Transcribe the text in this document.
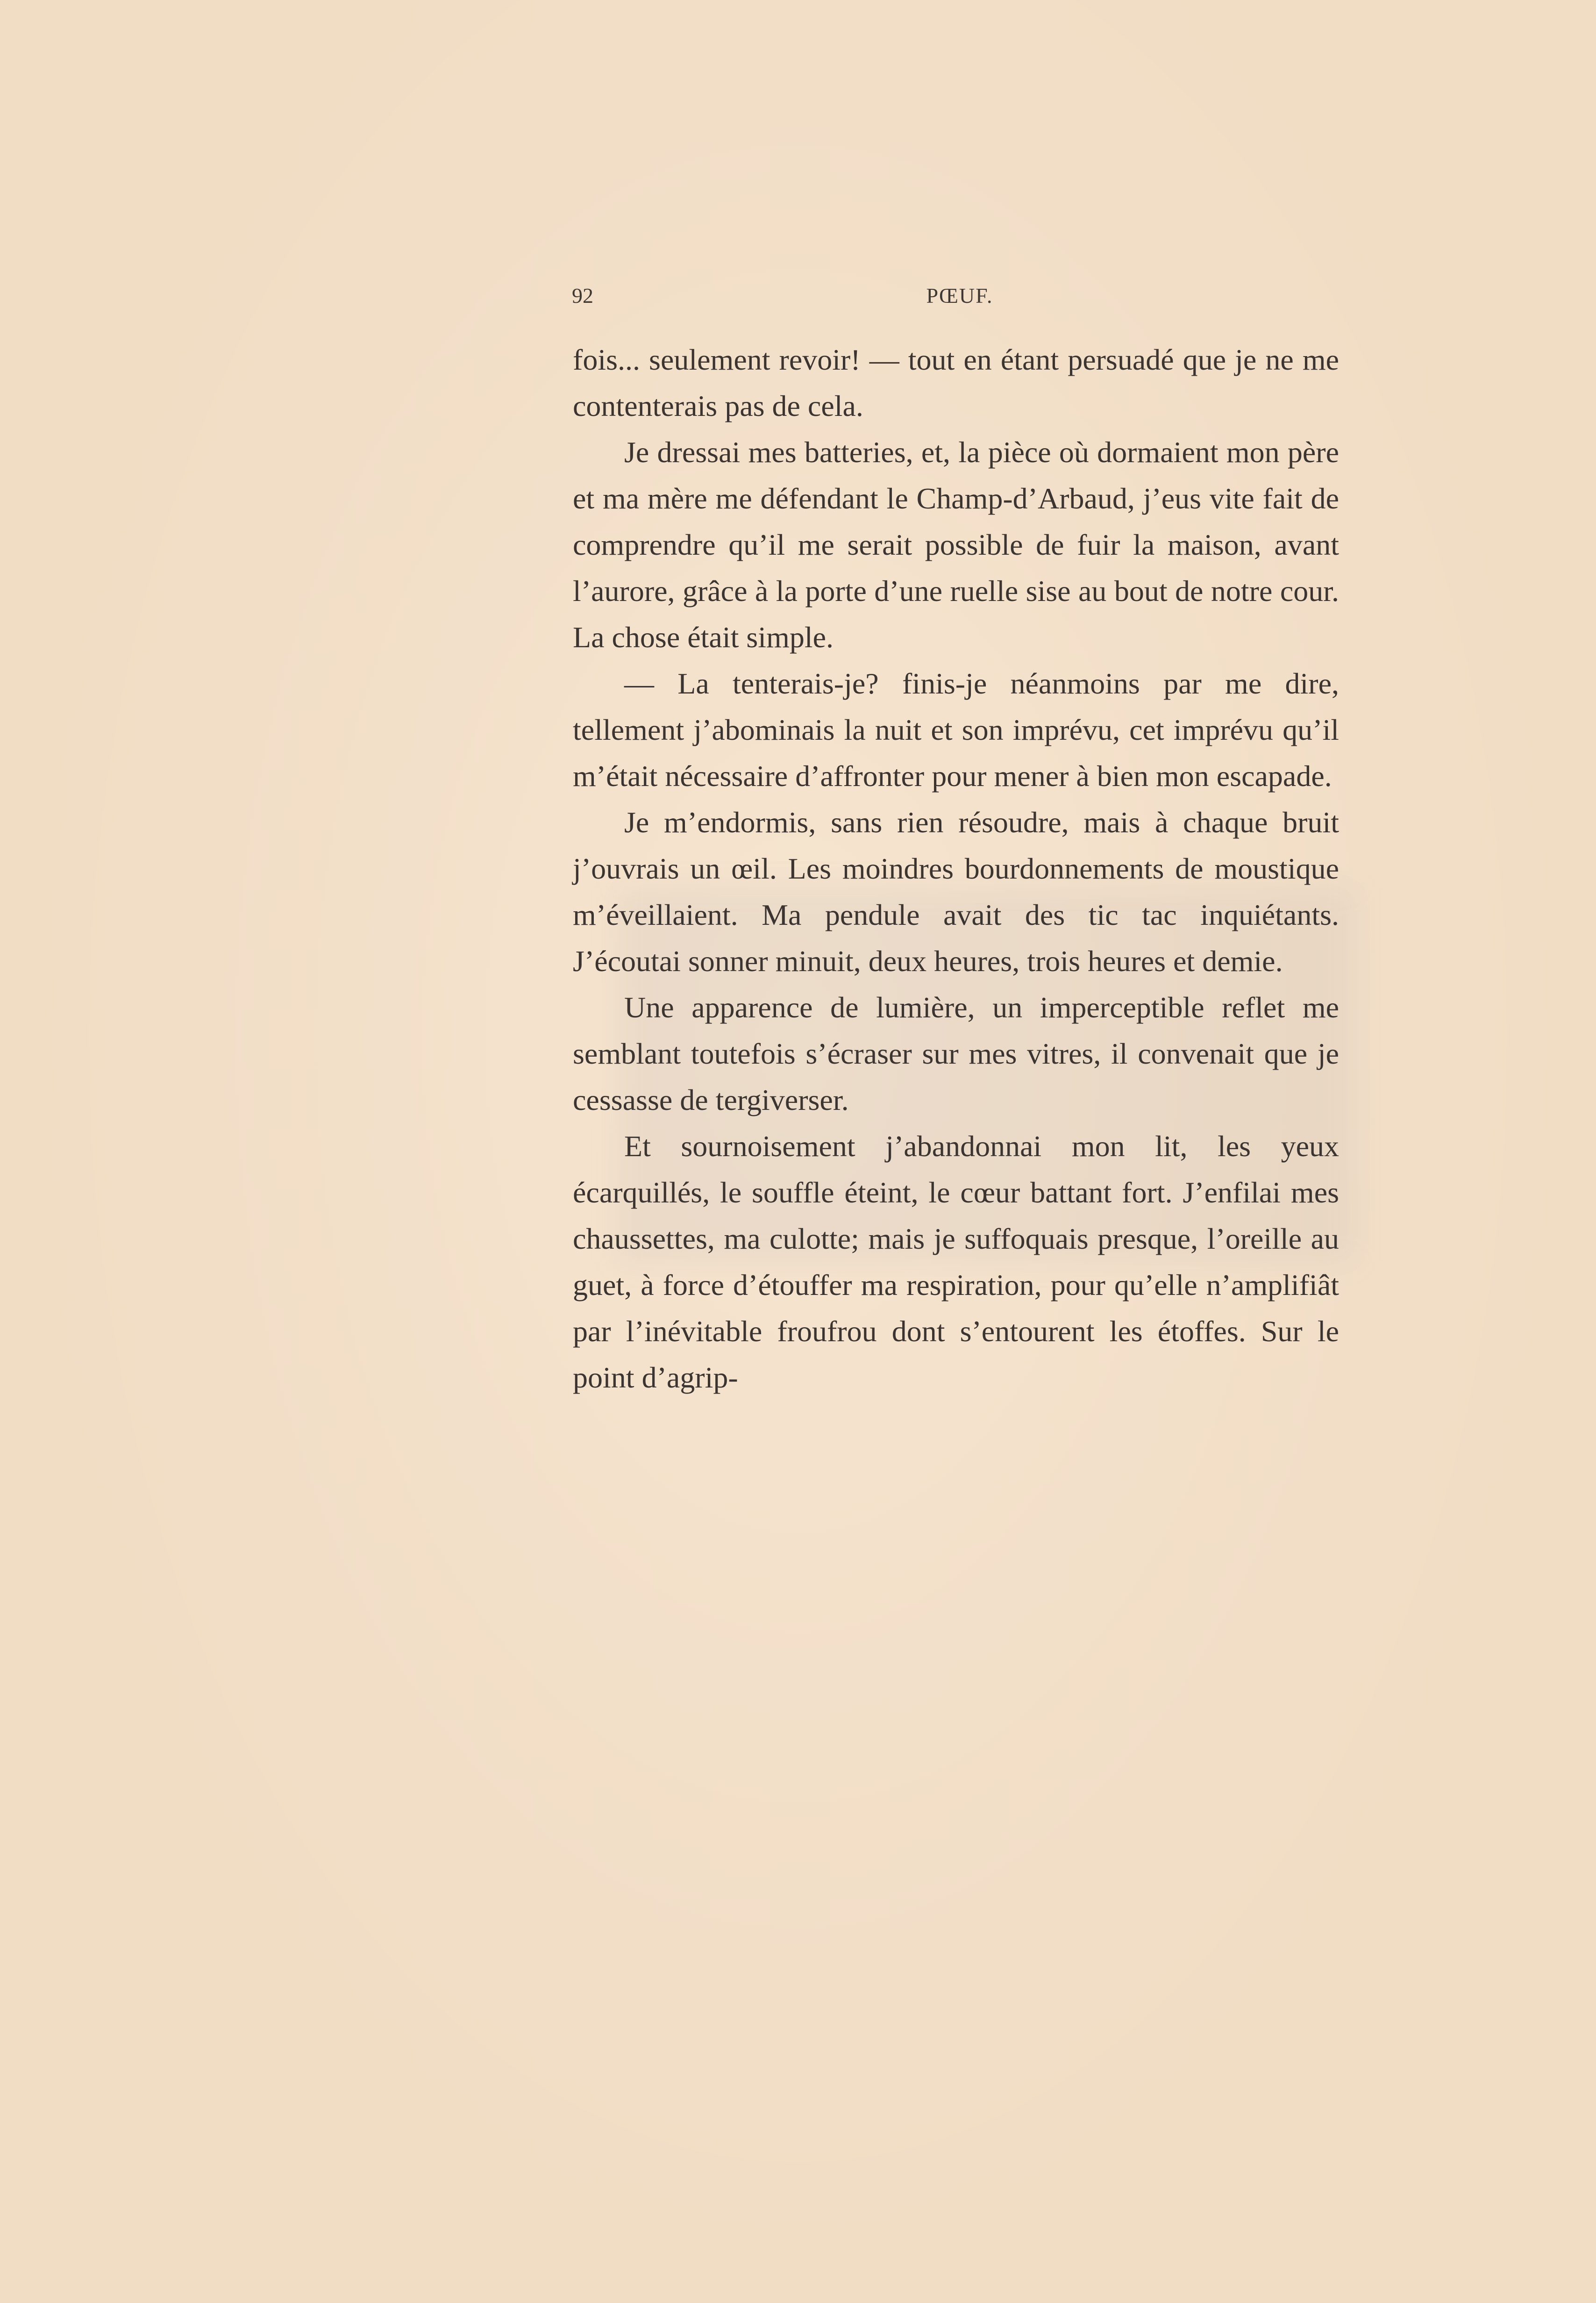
92	PŒUF.

fois... seulement revoir! — tout en étant persuadé que je ne me contenterais pas de cela.

Je dressai mes batteries, et, la pièce où dormaient mon père et ma mère me défendant le Champ-d’Arbaud, j’eus vite fait de comprendre qu’il me serait possible de fuir la maison, avant l’aurore, grâce à la porte d’une ruelle sise au bout de notre cour. La chose était simple.

— La tenterais-je? finis-je néanmoins par me dire, tellement j’abominais la nuit et son imprévu, cet imprévu qu’il m’était nécessaire d’affronter pour mener à bien mon escapade.

Je m’endormis, sans rien résoudre, mais à chaque bruit j’ouvrais un œil. Les moindres bourdonnements de moustique m’éveillaient. Ma pendule avait des tic tac inquiétants. J’écoutai sonner minuit, deux heures, trois heures et demie.

Une apparence de lumière, un imperceptible reflet me semblant toutefois s’écraser sur mes vitres, il convenait que je cessasse de tergiverser.

Et sournoisement j’abandonnai mon lit, les yeux écarquillés, le souffle éteint, le cœur battant fort. J’enfilai mes chaussettes, ma culotte; mais je suffoquais presque, l’oreille au guet, à force d’étouffer ma respiration, pour qu’elle n’amplifiât par l’inévitable froufrou dont s’entourent les étoffes. Sur le point d’agrip-
